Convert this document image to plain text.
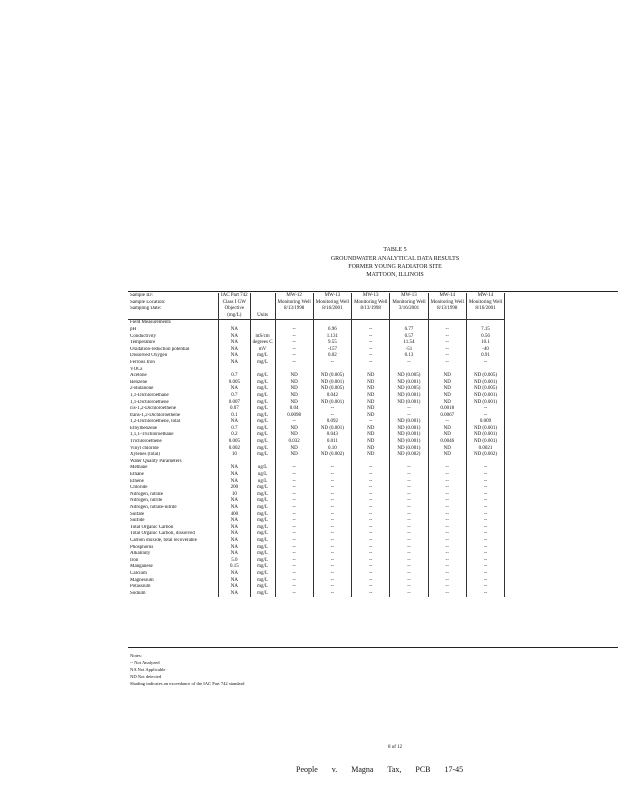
TABLE 5
GROUNDWATER ANALYTICAL DATA RESULTS
FORMER YOUNG RADIATOR SITE
MATTOON, ILLINOIS
Sample ID:	IAC Part 742		MW-12	MW-13	MW-13	MW-13	MW-14	MW-14
Sample Location:	Class I GW		Monitoring Well	Monitoring Well	Monitoring Well	Monitoring Well	Monitoring Well	Monitoring Well
Sampling Date:	Objective		8/13/1998	8/16/2001	8/13/1998	3/16/2001	8/13/1998	8/16/2001
	(mg/L)	Units						
Field Measurements								
pH	NA		--	6.96	--	6.77	--	7.15
Conductivity	NA	mS/cm	--	1.131	--	0.57	--	0.56
Temperature	NA	degrees C	--	9.55	--	11.54	--	10.1
Oxidation-reduction potential	NA	mV	--	-157	--	-51	--	-40
Dissolved Oxygen	NA	mg/L	--	0.02	--	0.13	--	0.91
Ferrous Iron	NA	mg/L	--	--	--	--	--	--

VOCs								
Acetone	0.7	mg/L	ND	ND (0.005)	ND	ND (0.005)	ND	ND (0.005)
Benzene	0.005	mg/L	ND	ND (0.001)	ND	ND (0.001)	ND	ND (0.001)
2-Butanone	NA	mg/L	ND	ND (0.005)	ND	ND (0.005)	ND	ND (0.005)
1,1-Dichloroethane	0.7	mg/L	ND	0.042	ND	ND (0.001)	ND	ND (0.001)
1,1-Dichloroethene	0.007	mg/L	ND	ND (0.001)	ND	ND (0.001)	ND	ND (0.001)
cis-1,2-Dichloroethene	0.07	mg/L	0.04	--	ND	--	0.0018	--
trans-1,2-Dichloroethene	0.1	mg/L	0.0098	--	ND	--	0.0067	--
1,2-Dichloroethene, total	NA	mg/L	--	0.092	--	ND (0.001)	--	0.009
Ethylbenzene	0.7	mg/L	ND	ND (0.001)	ND	ND (0.001)	ND	ND (0.001)
1,1,1-Trichloroethane	0.2	mg/L	ND	0.043	ND	ND (0.001)	ND	ND (0.001)
Trichloroethene	0.005	mg/L	0.032	0.011	ND	ND (0.001)	0.0046	ND (0.001)
Vinyl chloride	0.002	mg/L	ND	0.10	ND	ND (0.001)	ND	0.0021
Xylenes (total)	10	mg/L	ND	ND (0.002)	ND	ND (0.002)	ND	ND (0.002)

Water Quality Parameters								
Methane	NA	ug/L	--	--	--	--	--	--
Ethane	NA	ug/L	--	--	--	--	--	--
Ethene	NA	ug/L	--	--	--	--	--	--
Chloride	200	mg/L	--	--	--	--	--	--
Nitrogen, nitrate	10	mg/L	--	--	--	--	--	--
Nitrogen, nitrite	NA	mg/L	--	--	--	--	--	--
Nitrogen, nitrate-nitrite	NA	mg/L	--	--	--	--	--	--
Sulfate	400	mg/L	--	--	--	--	--	--
Sulfide	NA	mg/L	--	--	--	--	--	--
Total Organic Carbon	NA	mg/L	--	--	--	--	--	--
Total Organic Carbon, dissolved	NA	mg/L	--	--	--	--	--	--
Carbon dioxide, total recoverable	NA	mg/L	--	--	--	--	--	--
Phosphorus	NA	mg/L	--	--	--	--	--	--
Alkalinity	NA	mg/L	--	--	--	--	--	--
Iron	5.0	mg/L	--	--	--	--	--	--
Manganese	0.15	mg/L	--	--	--	--	--	--
Calcium	NA	mg/L	--	--	--	--	--	--
Magnesium	NA	mg/L	--	--	--	--	--	--
Potassium	NA	mg/L	--	--	--	--	--	--
Sodium	NA	mg/L	--	--	--	--	--	--
Notes:
-- Not Analyzed
NA Not Applicable
ND Not detected
Shading indicates an exceedance of the IAC Part 742 standard
8 of 12
People v. Magna Tax, PCB 17-45
